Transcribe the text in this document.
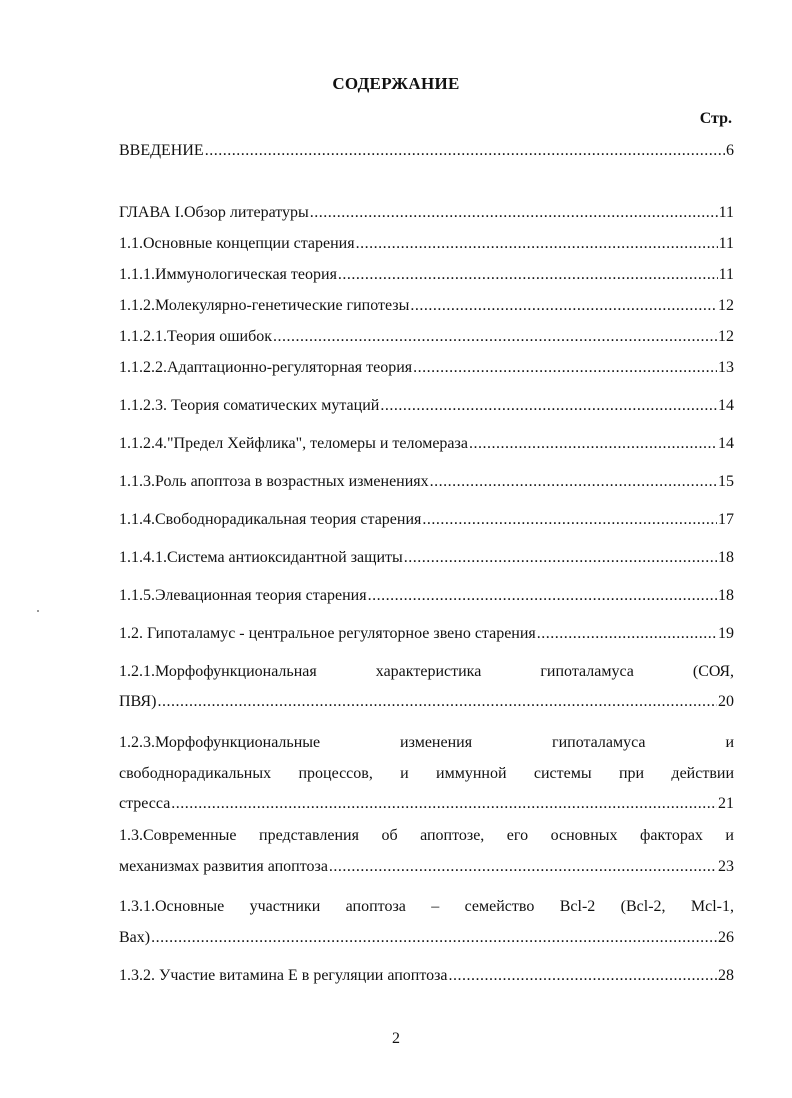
СОДЕРЖАНИЕ
Стр.
ВВЕДЕНИЕ .....	6
ГЛАВА I.Обзор литературы .....	11
1.1.Основные концепции старения .....	11
1.1.1.Иммунологическая теория .....	11
1.1.2.Молекулярно-генетические гипотезы .....	12
1.1.2.1.Теория ошибок .....	12
1.1.2.2.Адаптационно-регуляторная теория .....	13
1.1.2.3. Теория соматических мутаций .....	14
1.1.2.4."Предел Хейфлика", теломеры и теломераза .....	14
1.1.3.Роль апоптоза в возрастных изменениях .....	15
1.1.4.Свободнорадикальная теория старения .....	17
1.1.4.1.Система антиоксидантной защиты .....	18
1.1.5.Элевационная теория старения .....	18
1.2. Гипоталамус - центральное регуляторное звено старения .....	19
1.2.1.Морфофункциональная характеристика гипоталамуса (СОЯ,
ПВЯ) .....	20
1.2.3.Морфофункциональные изменения гипоталамуса и
свободнорадикальных процессов, и иммунной системы при действии
стресса .....	21
1.3.Современные представления об апоптозе, его основных факторах и
механизмах развития апоптоза .....	23
1.3.1.Основные участники апоптоза – семейство Bcl-2 (Bcl-2, Mcl-1,
Bax) .....	26
1.3.2. Участие витамина Е в регуляции апоптоза .....	28
2
